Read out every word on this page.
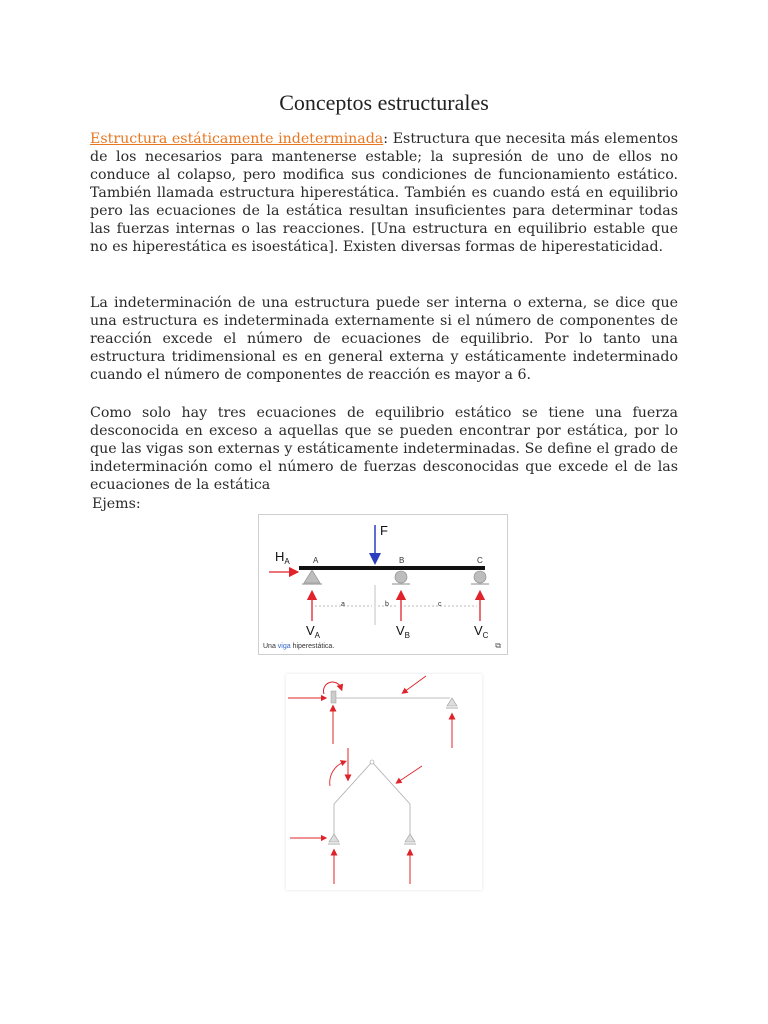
Conceptos estructurales

Estructura estáticamente indeterminada: Estructura que necesita más elementos de los necesarios para mantenerse estable; la supresión de uno de ellos no conduce al colapso, pero modifica sus condiciones de funcionamiento estático. También llamada estructura hiperestática. También es cuando está en equilibrio pero las ecuaciones de la estática resultan insuficientes para determinar todas las fuerzas internas o las reacciones. [Una estructura en equilibrio estable que no es hiperestática es isoestática]. Existen diversas formas de hiperestaticidad.

La indeterminación de una estructura puede ser interna o externa, se dice que una estructura es indeterminada externamente si el número de componentes de reacción excede el número de ecuaciones de equilibrio. Por lo tanto una estructura tridimensional es en general externa y estáticamente indeterminado cuando el número de componentes de reacción es mayor a 6.

Como solo hay tres ecuaciones de equilibrio estático se tiene una fuerza desconocida en exceso a aquellas que se pueden encontrar por estática, por lo que las vigas son externas y estáticamente indeterminadas. Se define el grado de indeterminación como el número de fuerzas desconocidas que excede el de las ecuaciones de la estática

Ejems:
F
$H_A$	A	B	C
a	b	c
$V_A$	$V_B$	$V_C$
Una viga hiperestática.	⧉
